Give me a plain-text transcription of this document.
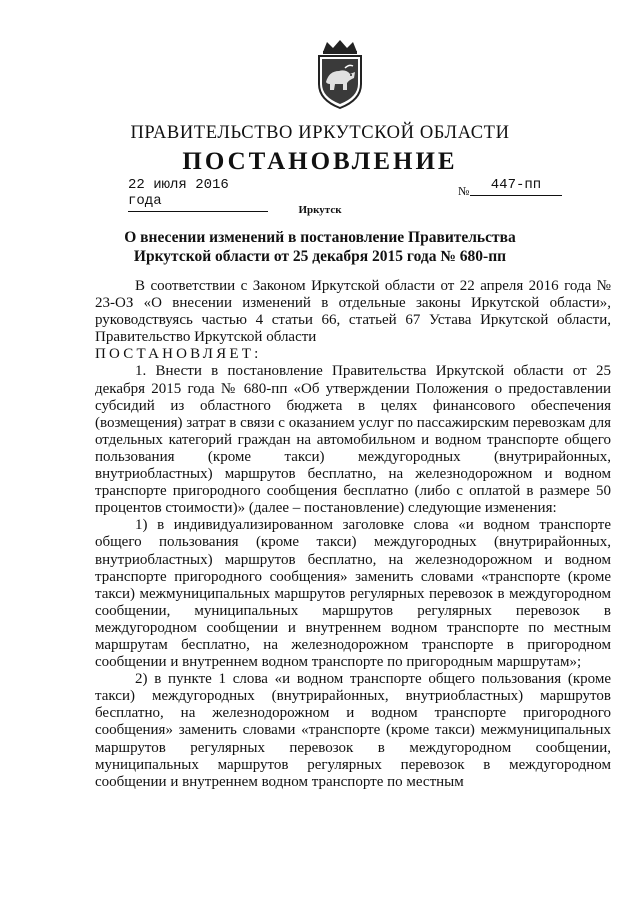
ПРАВИТЕЛЬСТВО ИРКУТСКОЙ ОБЛАСТИ
ПОСТАНОВЛЕНИЕ
22 июля 2016 года
№	447-пп
Иркутск
О внесении изменений в постановление Правительства Иркутской области от 25 декабря 2015 года № 680-пп

В соответствии с Законом Иркутской области от 22 апреля 2016 года № 23-ОЗ «О внесении изменений в отдельные законы Иркутской области», руководствуясь частью 4 статьи 66, статьей 67 Устава Иркутской области, Правительство Иркутской области

ПОСТАНОВЛЯЕТ:

1. Внести в постановление Правительства Иркутской области от 25 декабря 2015 года № 680-пп «Об утверждении Положения о предоставлении субсидий из областного бюджета в целях финансового обеспечения (возмещения) затрат в связи с оказанием услуг по пассажирским перевозкам для отдельных категорий граждан на автомобильном и водном транспорте общего пользования (кроме такси) междугородных (внутрирайонных, внутриобластных) маршрутов бесплатно, на железнодорожном и водном транспорте пригородного сообщения бесплатно (либо с оплатой в размере 50 процентов стоимости)» (далее – постановление) следующие изменения:

1) в индивидуализированном заголовке слова «и водном транспорте общего пользования (кроме такси) междугородных (внутрирайонных, внутриобластных) маршрутов бесплатно, на железнодорожном и водном транспорте пригородного сообщения» заменить словами «транспорте (кроме такси) межмуниципальных маршрутов регулярных перевозок в междугородном сообщении, муниципальных маршрутов регулярных перевозок в междугородном сообщении и внутреннем водном транспорте по местным маршрутам бесплатно, на железнодорожном транспорте в пригородном сообщении и внутреннем водном транспорте по пригородным маршрутам»;

2) в пункте 1 слова «и водном транспорте общего пользования (кроме такси) междугородных (внутрирайонных, внутриобластных) маршрутов бесплатно, на железнодорожном и водном транспорте пригородного сообщения» заменить словами «транспорте (кроме такси) межмуниципальных маршрутов регулярных перевозок в междугородном сообщении, муниципальных маршрутов регулярных перевозок в междугородном сообщении и внутреннем водном транспорте по местным
